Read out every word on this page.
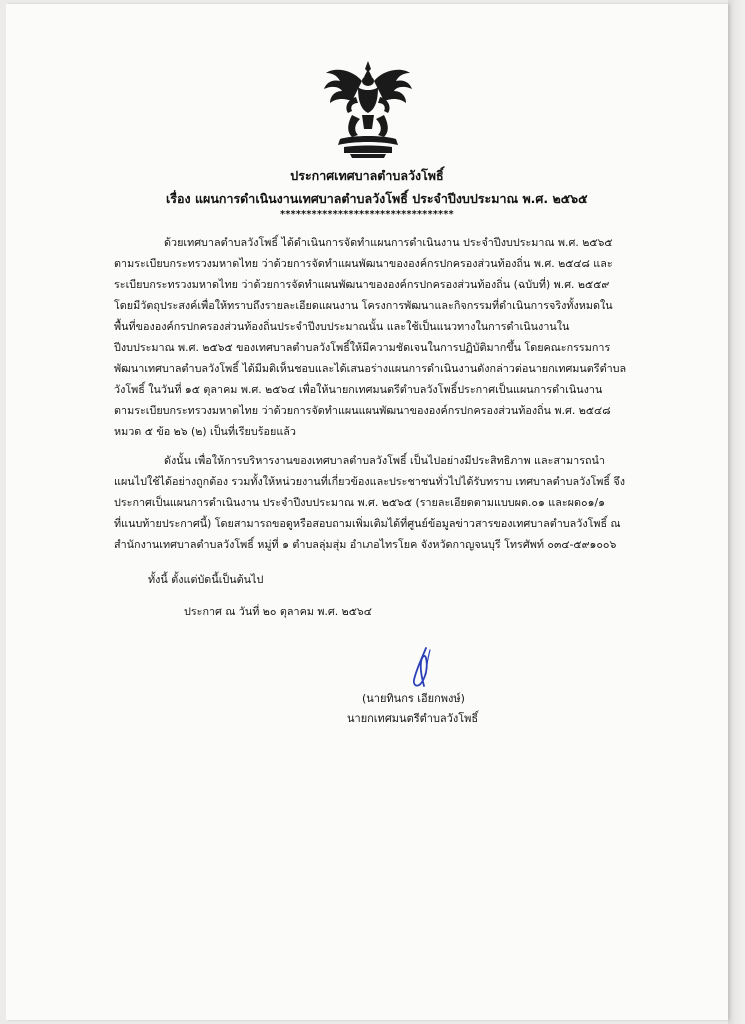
ประกาศเทศบาลตำบลวังโพธิ์
เรื่อง แผนการดำเนินงานเทศบาลตำบลวังโพธิ์ ประจำปีงบประมาณ พ.ศ. ๒๕๖๕
*********************************
ด้วยเทศบาลตำบลวังโพธิ์ ได้ดำเนินการจัดทำแผนการดำเนินงาน ประจำปีงบประมาณ พ.ศ. ๒๕๖๕
ตามระเบียบกระทรวงมหาดไทย ว่าด้วยการจัดทำแผนพัฒนาขององค์กรปกครองส่วนท้องถิ่น พ.ศ. ๒๕๔๘ และ
ระเบียบกระทรวงมหาดไทย ว่าด้วยการจัดทำแผนพัฒนาขององค์กรปกครองส่วนท้องถิ่น (ฉบับที่) พ.ศ. ๒๕๕๙
โดยมีวัตถุประสงค์เพื่อให้ทราบถึงรายละเอียดแผนงาน โครงการพัฒนาและกิจกรรมที่ดำเนินการจริงทั้งหมดใน
พื้นที่ขององค์กรปกครองส่วนท้องถิ่นประจำปีงบประมาณนั้น และใช้เป็นแนวทางในการดำเนินงานใน
ปีงบประมาณ พ.ศ. ๒๕๖๕ ของเทศบาลตำบลวังโพธิ์ให้มีความชัดเจนในการปฏิบัติมากขึ้น โดยคณะกรรมการ
พัฒนาเทศบาลตำบลวังโพธิ์ ได้มีมติเห็นชอบและได้เสนอร่างแผนการดำเนินงานดังกล่าวต่อนายกเทศมนตรีตำบล
วังโพธิ์ ในวันที่ ๑๕ ตุลาคม พ.ศ. ๒๕๖๔ เพื่อให้นายกเทศมนตรีตำบลวังโพธิ์ประกาศเป็นแผนการดำเนินงาน
ตามระเบียบกระทรวงมหาดไทย ว่าด้วยการจัดทำแผนแผนพัฒนาขององค์กรปกครองส่วนท้องถิ่น พ.ศ. ๒๕๔๘
หมวด ๕ ข้อ ๒๖ (๒) เป็นที่เรียบร้อยแล้ว
ดังนั้น เพื่อให้การบริหารงานของเทศบาลตำบลวังโพธิ์ เป็นไปอย่างมีประสิทธิภาพ และสามารถนำ
แผนไปใช้ได้อย่างถูกต้อง รวมทั้งให้หน่วยงานที่เกี่ยวข้องและประชาชนทั่วไปได้รับทราบ เทศบาลตำบลวังโพธิ์ จึง
ประกาศเป็นแผนการดำเนินงาน ประจำปีงบประมาณ พ.ศ. ๒๕๖๕ (รายละเอียดตามแบบผด.๐๑ และผด๐๑/๑
ที่แนบท้ายประกาศนี้) โดยสามารถขอดูหรือสอบถามเพิ่มเติมได้ที่ศูนย์ข้อมูลข่าวสารของเทศบาลตำบลวังโพธิ์ ณ
สำนักงานเทศบาลตำบลวังโพธิ์ หมู่ที่ ๑ ตำบลลุ่มสุ่ม อำเภอไทรโยค จังหวัดกาญจนบุรี โทรศัพท์ ๐๓๔-๕๙๑๐๐๖
ทั้งนี้ ตั้งแต่บัดนี้เป็นต้นไป
ประกาศ ณ วันที่ ๒๐ ตุลาคม พ.ศ. ๒๕๖๔
(นายทินกร เอียกพงษ์)
นายกเทศมนตรีตำบลวังโพธิ์
